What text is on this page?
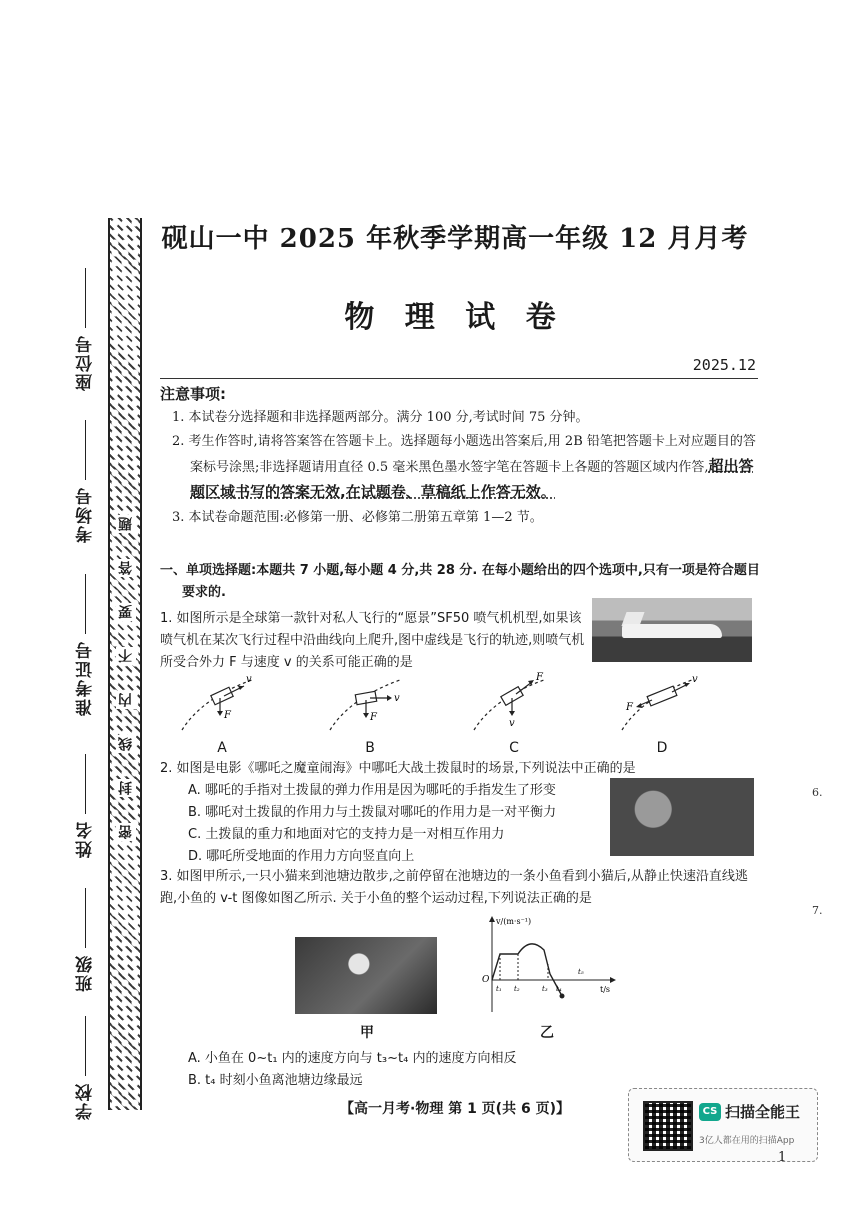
座位号
考场号
准考证号
姓名
班级
学校
题
答
要
不
内
线
封
密
砚山一中 2025 年秋季学期高一年级 12 月月考
物 理 试 卷
2025.12
注意事项:
1. 本试卷分选择题和非选择题两部分。满分 100 分,考试时间 75 分钟。
2. 考生作答时,请将答案答在答题卡上。选择题每小题选出答案后,用 2B 铅笔把答题卡上对应题目的答案标号涂黑;非选择题请用直径 0.5 毫米黑色墨水签字笔在答题卡上各题的答题区域内作答,超出答题区域书写的答案无效,在试题卷、草稿纸上作答无效。
3. 本试卷命题范围:必修第一册、必修第二册第五章第 1—2 节。
一、单项选择题:本题共 7 小题,每小题 4 分,共 28 分. 在每小题给出的四个选项中,只有一项是符合题目要求的.
1. 如图所示是全球第一款针对私人飞行的“愿景”SF50 喷气机机型,如果该喷气机在某次飞行过程中沿曲线向上爬升,图中虚线是飞行的轨迹,则喷气机所受合外力 F 与速度 v 的关系可能正确的是
v
F
A
v
F
B
F
v
C
v
F
D
2. 如图是电影《哪吒之魔童闹海》中哪吒大战土拨鼠时的场景,下列说法中正确的是
A. 哪吒的手指对土拨鼠的弹力作用是因为哪吒的手指发生了形变
B. 哪吒对土拨鼠的作用力与土拨鼠对哪吒的作用力是一对平衡力
C. 土拨鼠的重力和地面对它的支持力是一对相互作用力
D. 哪吒所受地面的作用力方向竖直向上
3. 如图甲所示,一只小猫来到池塘边散步,之前停留在池塘边的一条小鱼看到小猫后,从静止快速沿直线逃跑,小鱼的 v-t 图像如图乙所示. 关于小鱼的整个运动过程,下列说法正确的是
甲
v/(m·s⁻¹)
t/s
O
t₁ t₂	t₃ t₄
t₅
乙
A. 小鱼在 0~t₁ 内的速度方向与 t₃~t₄ 内的速度方向相反
B. t₄ 时刻小鱼离池塘边缘最远
6.
7.
【高一月考·物理 第 1 页(共 6 页)】	CS 扫描全能王
3亿人都在用的扫描App
1
